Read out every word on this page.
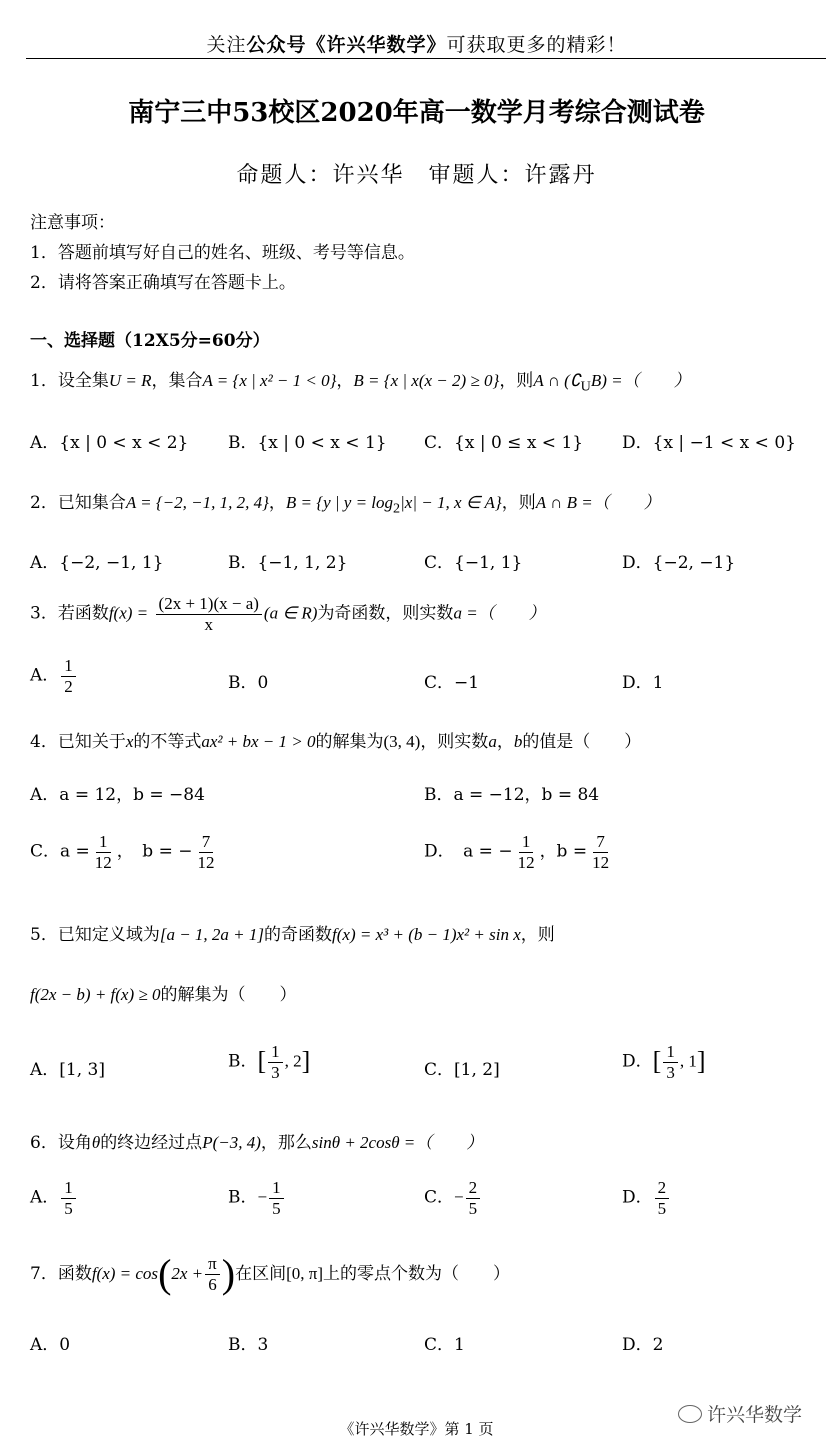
关注公众号《许兴华数学》可获取更多的精彩！
南宁三中53校区2020年高一数学月考综合测试卷
命题人：许兴华　审题人：许露丹
注意事项：
1．答题前填写好自己的姓名、班级、考号等信息。
2．请将答案正确填写在答题卡上。
一、选择题（12X5分=60分）
1．设全集U = R，集合A = {x | x² − 1 < 0}，B = {x | x(x − 2) ≥ 0}，则A ∩ $(∁_UB)$ =（　　）
A．{x | 0 < x < 2} B．{x | 0 < x < 1} C．{x | 0 ≤ x < 1} D．{x | −1 < x < 0}
2．已知集合A = {−2, −1, 1, 2, 4}，B = {y | $y = \log_2|x| - 1$, x ∈ A}，则A ∩ B =（　　）
A．{−2, −1, 1}	B．{−1, 1, 2}	C．{−1, 1}	D．{−2, −1}
3．若函数$f(x) = \frac{(2x + 1)(x - a)}{x} (a$ ∈ R)为奇函数，则实数a =（　　）
A． $\frac{1}{2}$	B．0	C．−1	D．1
4．已知关于x的不等式ax² + bx − 1 > 0的解集为(3, 4)，则实数a，b的值是（　　）
A．a = 12，b = −84	B．a = −12，b = 84
C．$a = \frac{1}{12}$ ，　b = − $\frac{7}{12}$	D．　a = − $\frac{1}{12}$ ，$b = \frac{7}{12}$
5．已知定义域为[a − 1, 2a + 1]的奇函数f(x) = x³ + (b − 1)x² + sin x，则
f(2x − b) + f(x) ≥ 0的解集为（　　）
A．[1, 3]	B．[ $\frac{1}{3}$ , 2]	C．[1, 2]	D．[ $\frac{1}{3}$ , 1]
6．设角θ的终边经过点P(−3, 4)，那么sinθ + 2cosθ =（　　）
A． $\frac{1}{5}$	B．− $\frac{1}{5}$	C．− $\frac{2}{5}$	D． $\frac{2}{5}$
7．函数$f(x) = \cos(2x + \frac{\pi}{6}$ )在区间[0, π]上的零点个数为（　　）
A．0	B．3	C．1	D．2
许兴华数学
《许兴华数学》第 1 页
